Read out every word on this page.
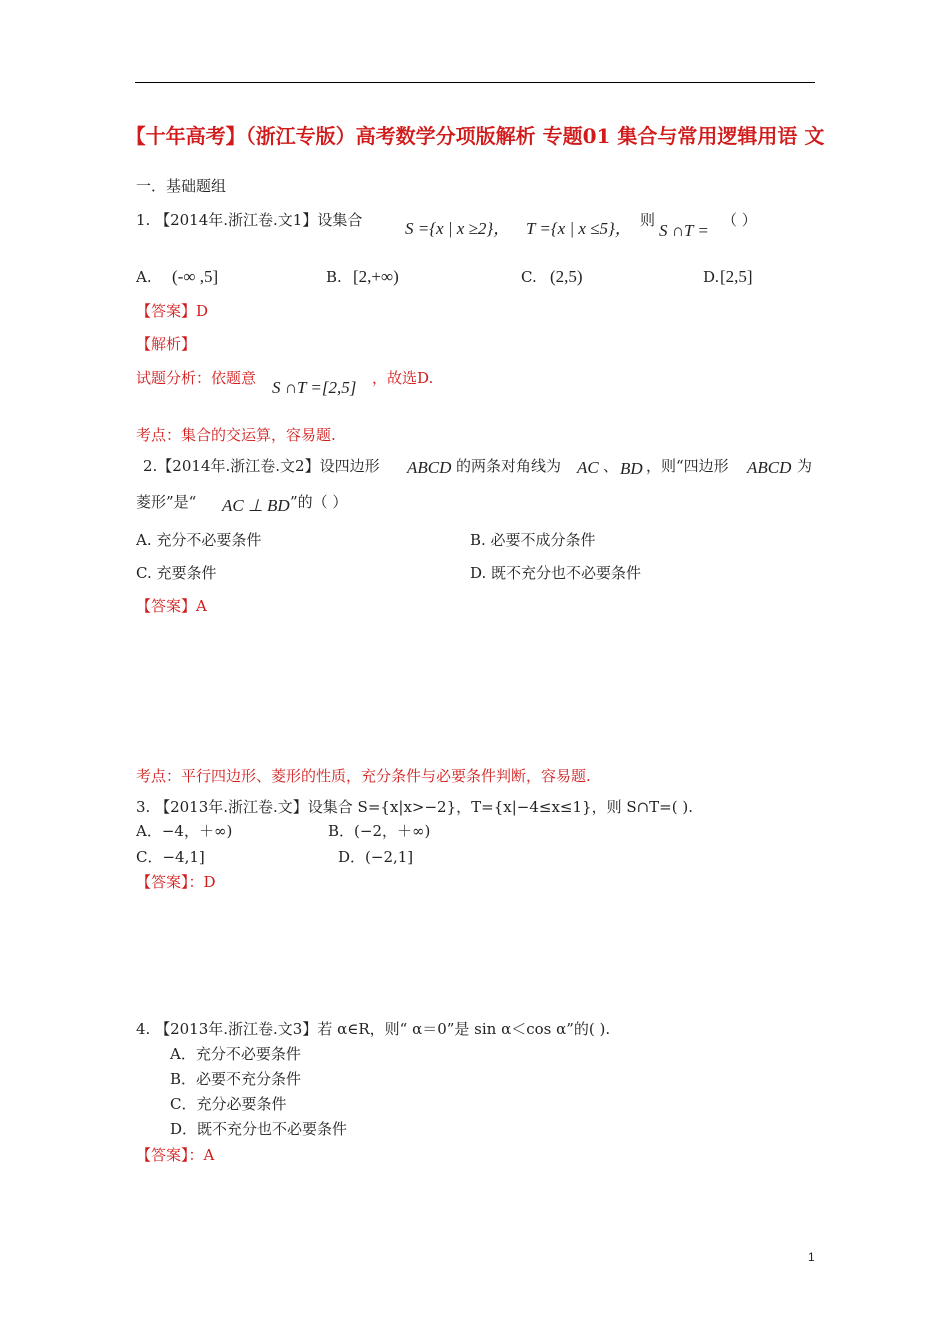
【十年高考】（浙江专版）高考数学分项版解析 专题01 集合与常用逻辑用语 文
一．基础题组
1. 【2014年.浙江卷.文1】设集合	S ={x | x ≥2}， T ={x | x ≤5}， 则
S ∩T =
（ ）
A. (-∞ ,5]	B. [2,+∞)	C. (2,5)	D. [2,5]
【答案】D
【解析】
试题分析：依题意 S ∩T =[2,5] ，故选D.
考点：集合的交运算，容易题.
2.【2014年.浙江卷.文2】设四边形 ABCD 的两条对角线为 AC 、 BD ，则“四边形 ABCD 为
菱形”是“ AC ⊥ BD ”的（ ）
A. 充分不必要条件	B. 必要不成分条件
C. 充要条件	D. 既不充分也不必要条件
【答案】A
考点：平行四边形、菱形的性质，充分条件与必要条件判断，容易题.
3. 【2013年.浙江卷.文】设集合 S={x|x>−2}，T={x|−4≤x≤1}，则 S∩T=( ).
A．−4，＋∞)	B．(−2，＋∞)
C．−4,1]	D．(−2,1]
【答案】：D
4. 【2013年.浙江卷.文3】若 α∈R，则“ α＝0”是 sin α＜cos α”的( ).
A．充分不必要条件
B．必要不充分条件
C．充分必要条件
D．既不充分也不必要条件
【答案】：A
1
